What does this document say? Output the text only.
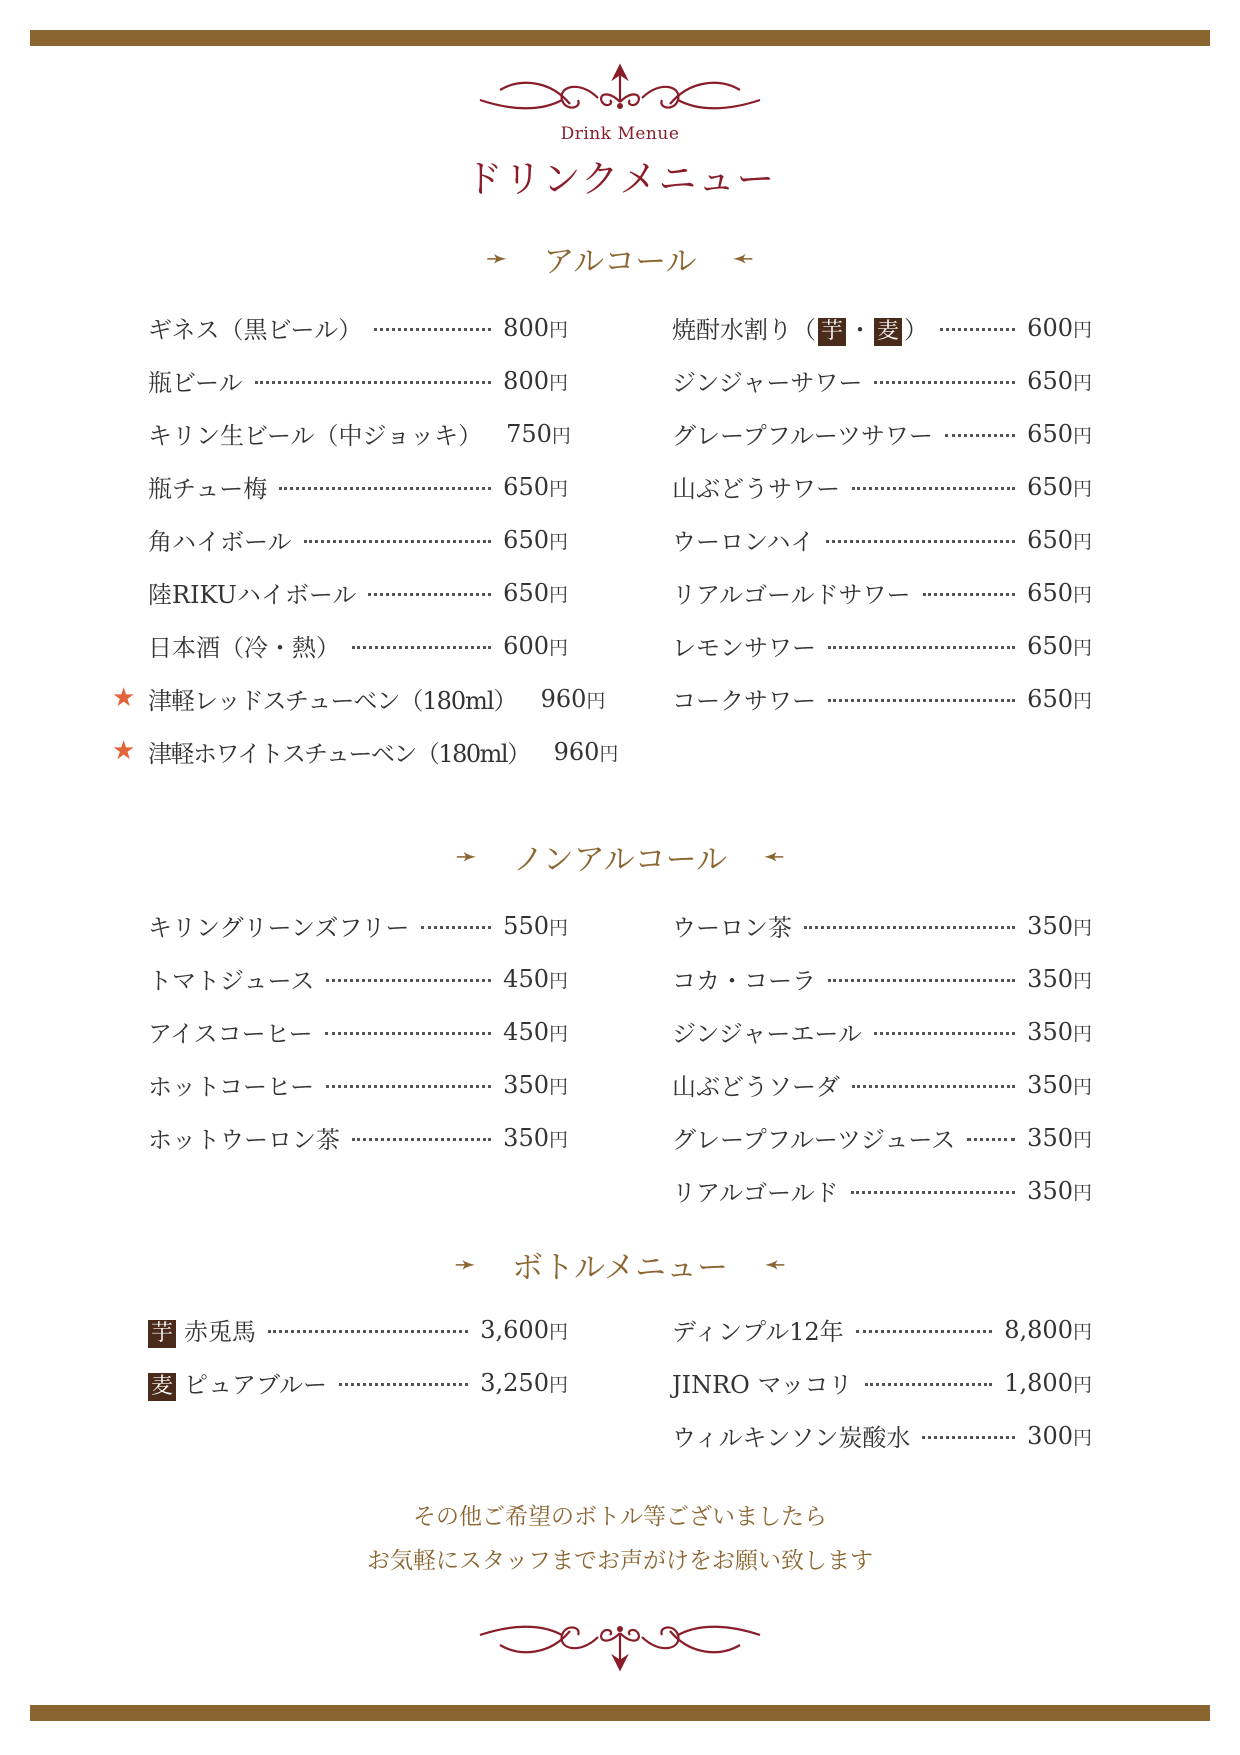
Drink Menue
ドリンクメニュー
➛ アルコール ➛
ギネス（黒ビール）	800円
瓶ビール	800円
キリン生ビール（中ジョッキ） 750円
瓶チュー梅	650円
角ハイボール	650円
陸RIKUハイボール	650円
日本酒（冷・熱）	600円
★ 津軽レッドスチューベン（180ml） 960円
★ 津軽ホワイトスチューベン（180ml） 960円
焼酎水割り（ 芋 ・ 麦 ）	600円
ジンジャーサワー	650円
グレープフルーツサワー	650円
山ぶどうサワー	650円
ウーロンハイ	650円
リアルゴールドサワー	650円
レモンサワー	650円
コークサワー	650円
➛ ノンアルコール ➛
キリングリーンズフリー	550円
トマトジュース	450円
アイスコーヒー	450円
ホットコーヒー	350円
ホットウーロン茶	350円
ウーロン茶	350円
コカ・コーラ	350円
ジンジャーエール	350円
山ぶどうソーダ	350円
グレープフルーツジュース	350円
リアルゴールド	350円
➛ ボトルメニュー ➛
芋 赤兎馬	3,600円
麦 ピュアブルー	3,250円
ディンプル12年	8,800円
JINRO マッコリ	1,800円
ウィルキンソン炭酸水	300円
その他ご希望のボトル等ございましたら
お気軽にスタッフまでお声がけをお願い致します
